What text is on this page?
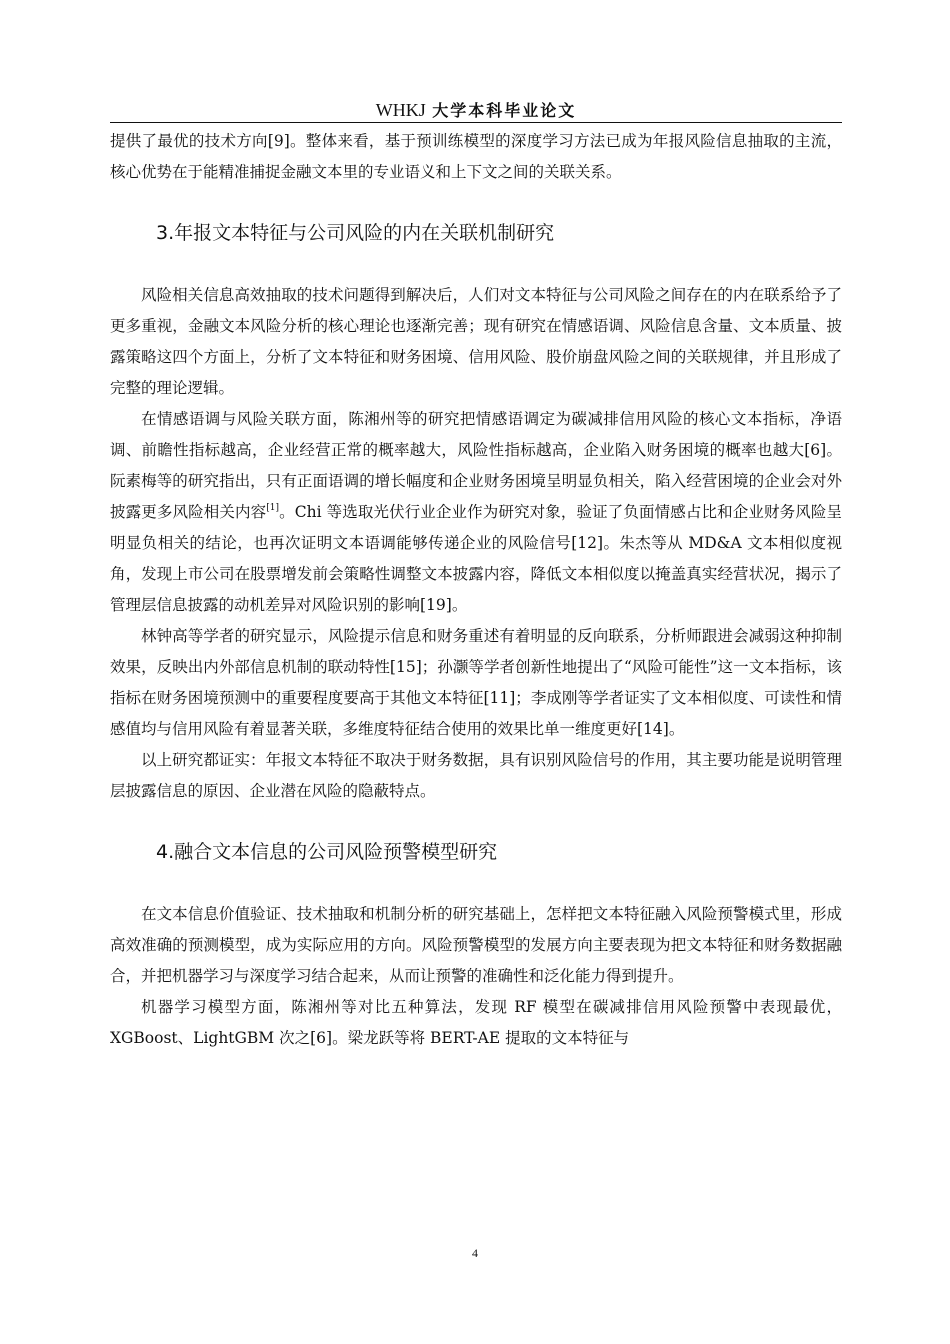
WHKJ 大学本科毕业论文

提供了最优的技术方向[9]。整体来看，基于预训练模型的深度学习方法已成为年报风险信息抽取的主流，核心优势在于能精准捕捉金融文本里的专业语义和上下文之间的关联关系。

3.年报文本特征与公司风险的内在关联机制研究

风险相关信息高效抽取的技术问题得到解决后，人们对文本特征与公司风险之间存在的内在联系给予了更多重视，金融文本风险分析的核心理论也逐渐完善；现有研究在情感语调、风险信息含量、文本质量、披露策略这四个方面上，分析了文本特征和财务困境、信用风险、股价崩盘风险之间的关联规律，并且形成了完整的理论逻辑。

在情感语调与风险关联方面，陈湘州等的研究把情感语调定为碳减排信用风险的核心文本指标，净语调、前瞻性指标越高，企业经营正常的概率越大，风险性指标越高，企业陷入财务困境的概率也越大[6]。阮素梅等的研究指出，只有正面语调的增长幅度和企业财务困境呈明显负相关，陷入经营困境的企业会对外披露更多风险相关内容[1]。Chi 等选取光伏行业企业作为研究对象，验证了负面情感占比和企业财务风险呈明显负相关的结论，也再次证明文本语调能够传递企业的风险信号[12]。朱杰等从 MD&A 文本相似度视角，发现上市公司在股票增发前会策略性调整文本披露内容，降低文本相似度以掩盖真实经营状况，揭示了管理层信息披露的动机差异对风险识别的影响[19]。

林钟高等学者的研究显示，风险提示信息和财务重述有着明显的反向联系，分析师跟进会减弱这种抑制效果，反映出内外部信息机制的联动特性[15]；孙灏等学者创新性地提出了“风险可能性”这一文本指标，该指标在财务困境预测中的重要程度要高于其他文本特征[11]；李成刚等学者证实了文本相似度、可读性和情感值均与信用风险有着显著关联，多维度特征结合使用的效果比单一维度更好[14]。

以上研究都证实：年报文本特征不取决于财务数据，具有识别风险信号的作用，其主要功能是说明管理层披露信息的原因、企业潜在风险的隐蔽特点。

4.融合文本信息的公司风险预警模型研究

在文本信息价值验证、技术抽取和机制分析的研究基础上，怎样把文本特征融入风险预警模式里，形成高效准确的预测模型，成为实际应用的方向。风险预警模型的发展方向主要表现为把文本特征和财务数据融合，并把机器学习与深度学习结合起来，从而让预警的准确性和泛化能力得到提升。

机器学习模型方面，陈湘州等对比五种算法，发现 RF 模型在碳减排信用风险预警中表现最优，XGBoost、LightGBM 次之[6]。梁龙跃等将 BERT-AE 提取的文本特征与

4
